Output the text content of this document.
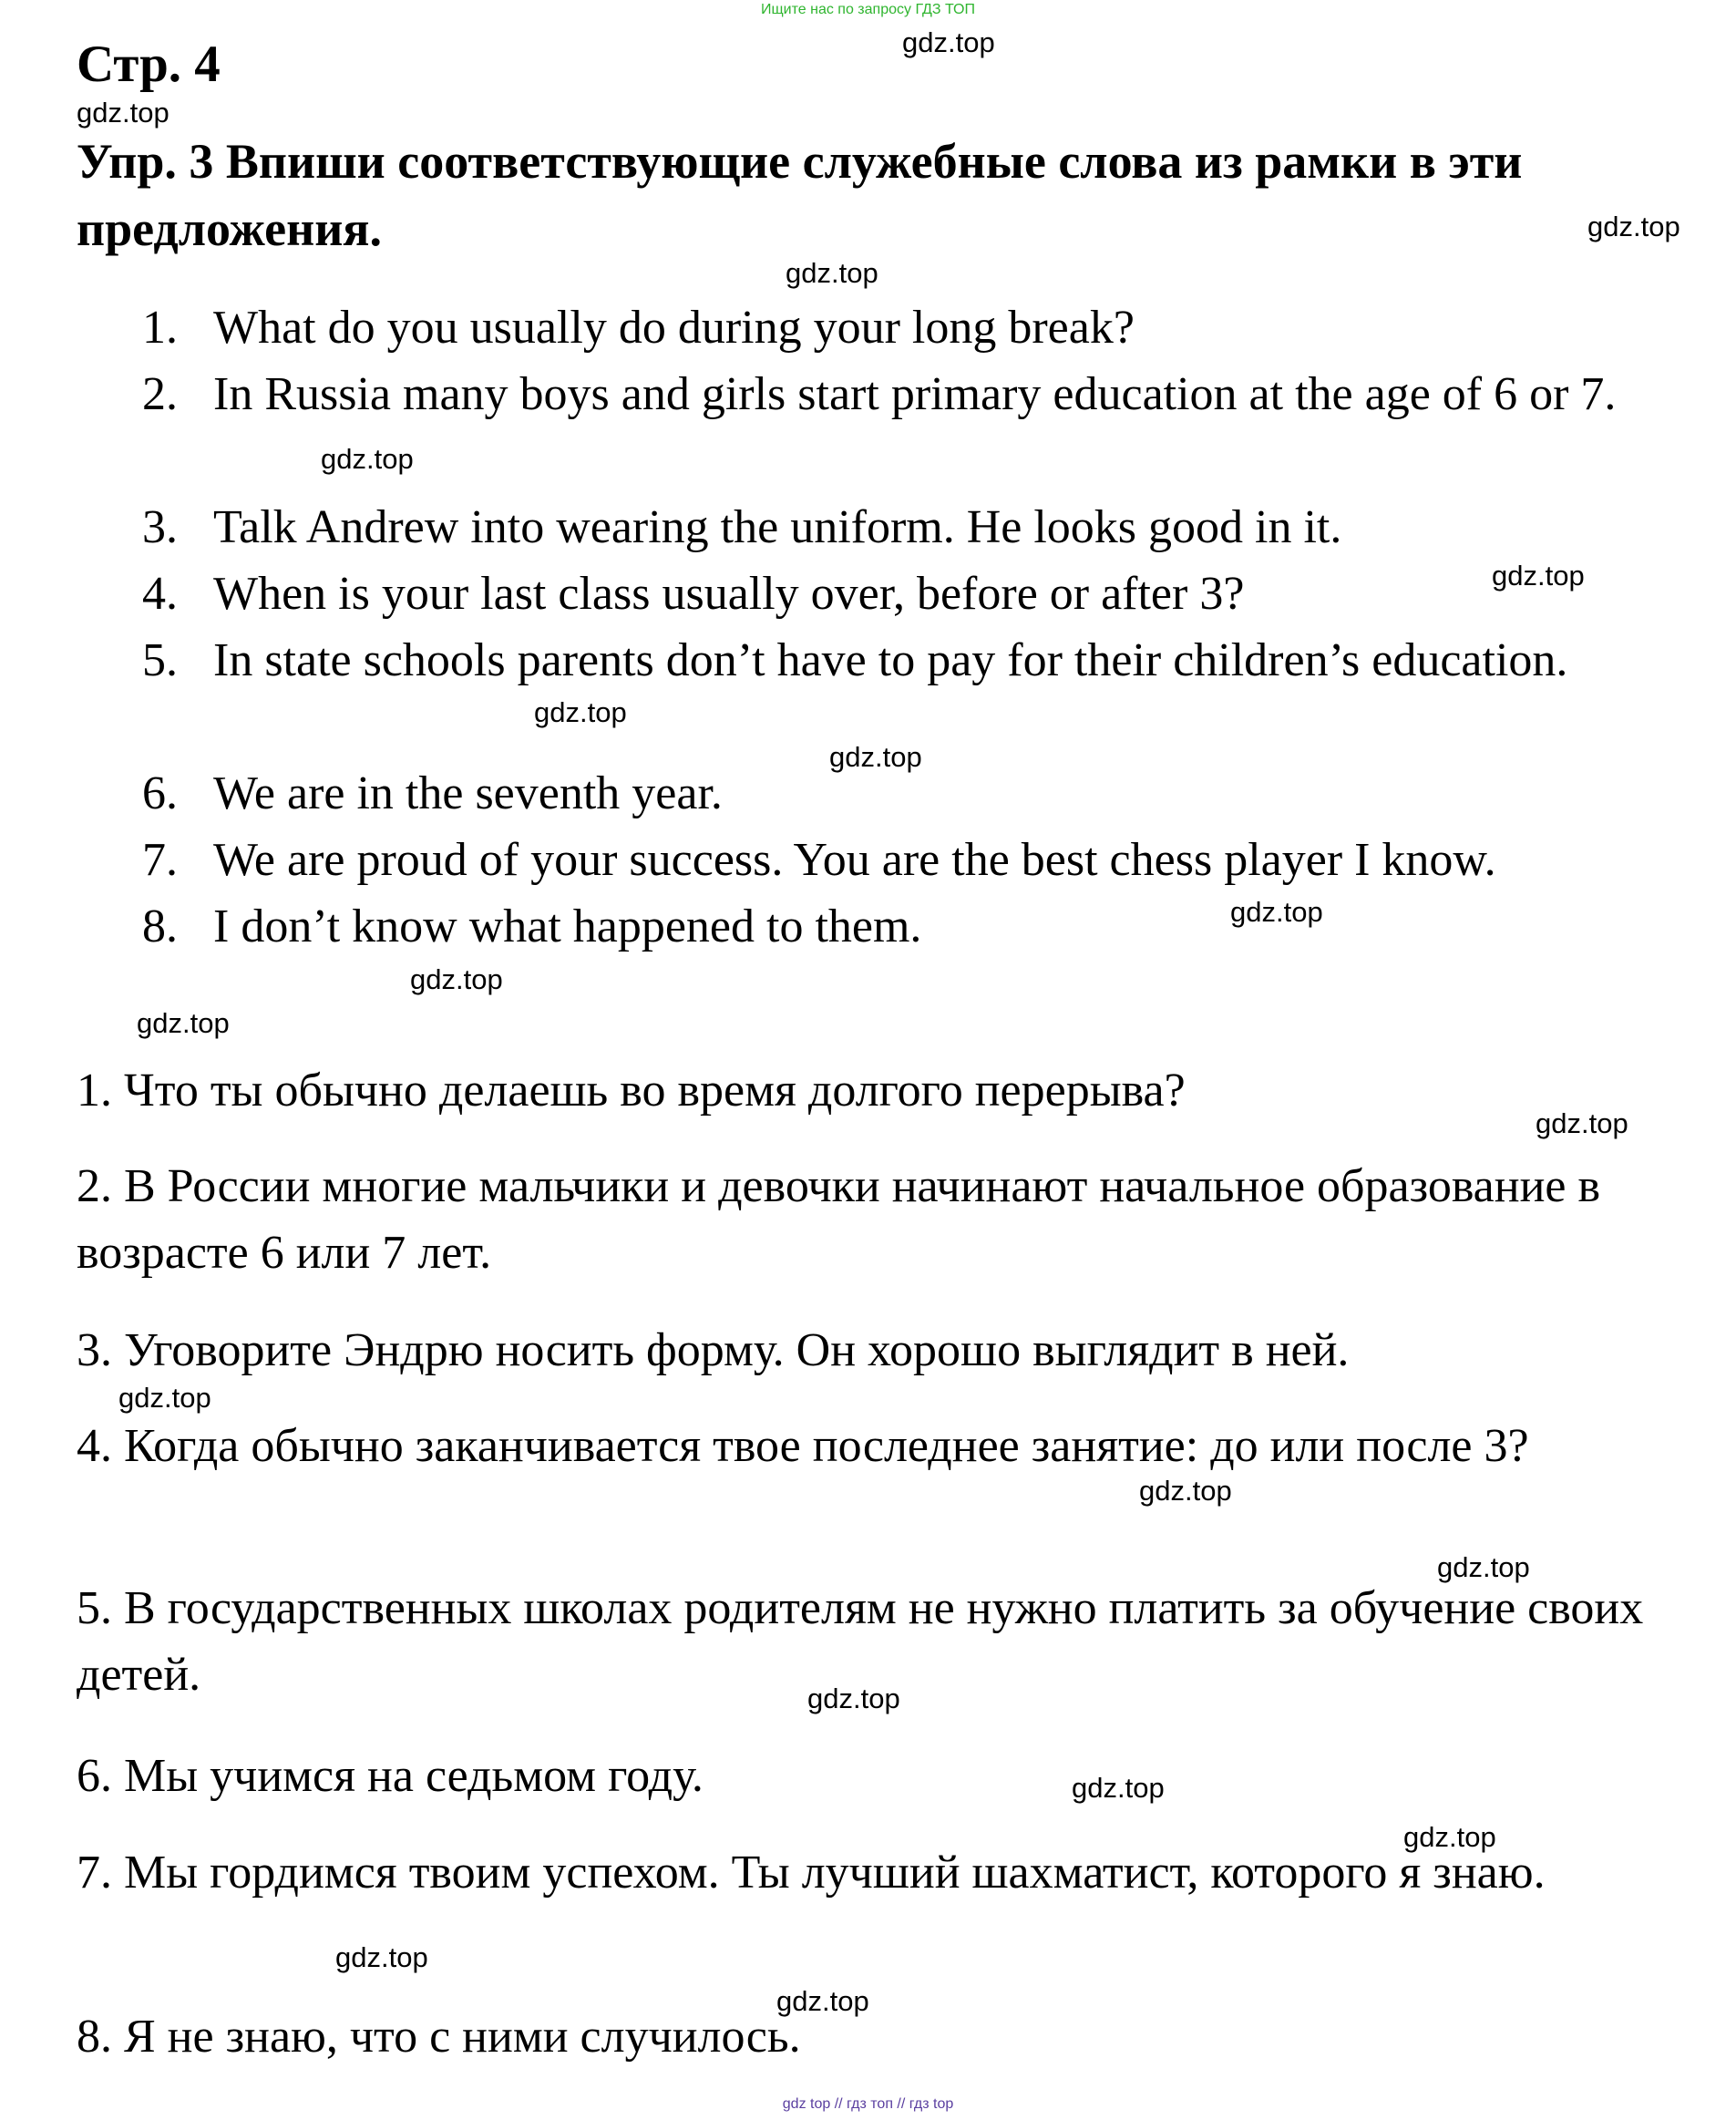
Ищите нас по запросу ГДЗ ТОП
Стр. 4
Упр. 3 Впиши соответствующие служебные слова из рамки в эти предложения.
1. What do you usually do during your long break?
2. In Russia many boys and girls start primary education at the age of 6 or 7.
3. Talk Andrew into wearing the uniform. He looks good in it.
4. When is your last class usually over, before or after 3?
5. In state schools parents don’t have to pay for their children’s education.
6. We are in the seventh year.
7. We are proud of your success. You are the best chess player I know.
8. I don’t know what happened to them.
1. Что ты обычно делаешь во время долгого перерыва?
2. В России многие мальчики и девочки начинают начальное образование в возрасте 6 или 7 лет.
3. Уговорите Эндрю носить форму. Он хорошо выглядит в ней.
4. Когда обычно заканчивается твое последнее занятие: до или после 3?
5. В государственных школах родителям не нужно платить за обучение своих детей.
6. Мы учимся на седьмом году.
7. Мы гордимся твоим успехом. Ты лучший шахматист, которого я знаю.
8. Я не знаю, что с ними случилось.
gdz.top
gdz.top
gdz.top
gdz.top
gdz.top
gdz.top
gdz.top
gdz.top
gdz.top
gdz.top
gdz.top
gdz.top
gdz.top
gdz.top
gdz.top
gdz.top
gdz.top
gdz.top
gdz.top
gdz.top
gdz top // гдз топ // гдз top
